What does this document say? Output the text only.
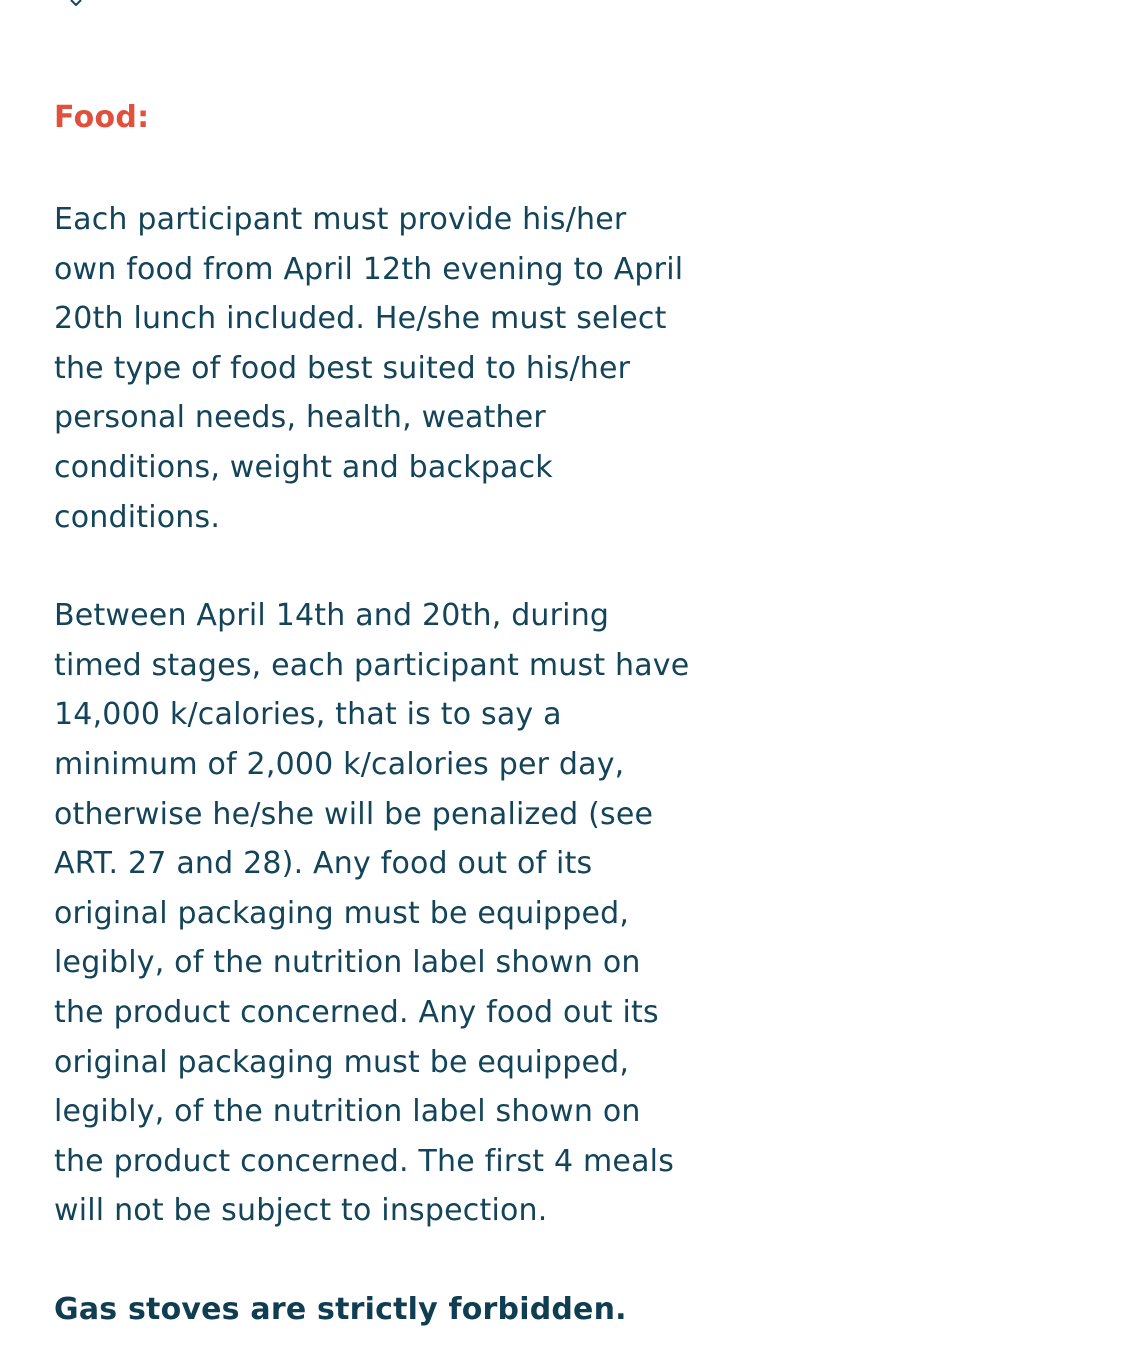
Food:

Each participant must provide his/her own food from April 12th evening to April 20th lunch included. He/she must select the type of food best suited to his/her personal needs, health, weather conditions, weight and backpack conditions.

Between April 14th and 20th, during timed stages, each participant must have 14,000 k/calories, that is to say a minimum of 2,000 k/calories per day, otherwise he/she will be penalized (see ART. 27 and 28). Any food out of its original packaging must be equipped, legibly, of the nutrition label shown on the product concerned. Any food out its original packaging must be equipped, legibly, of the nutrition label shown on the product concerned. The first 4 meals will not be subject to inspection.

Gas stoves are strictly forbidden.
